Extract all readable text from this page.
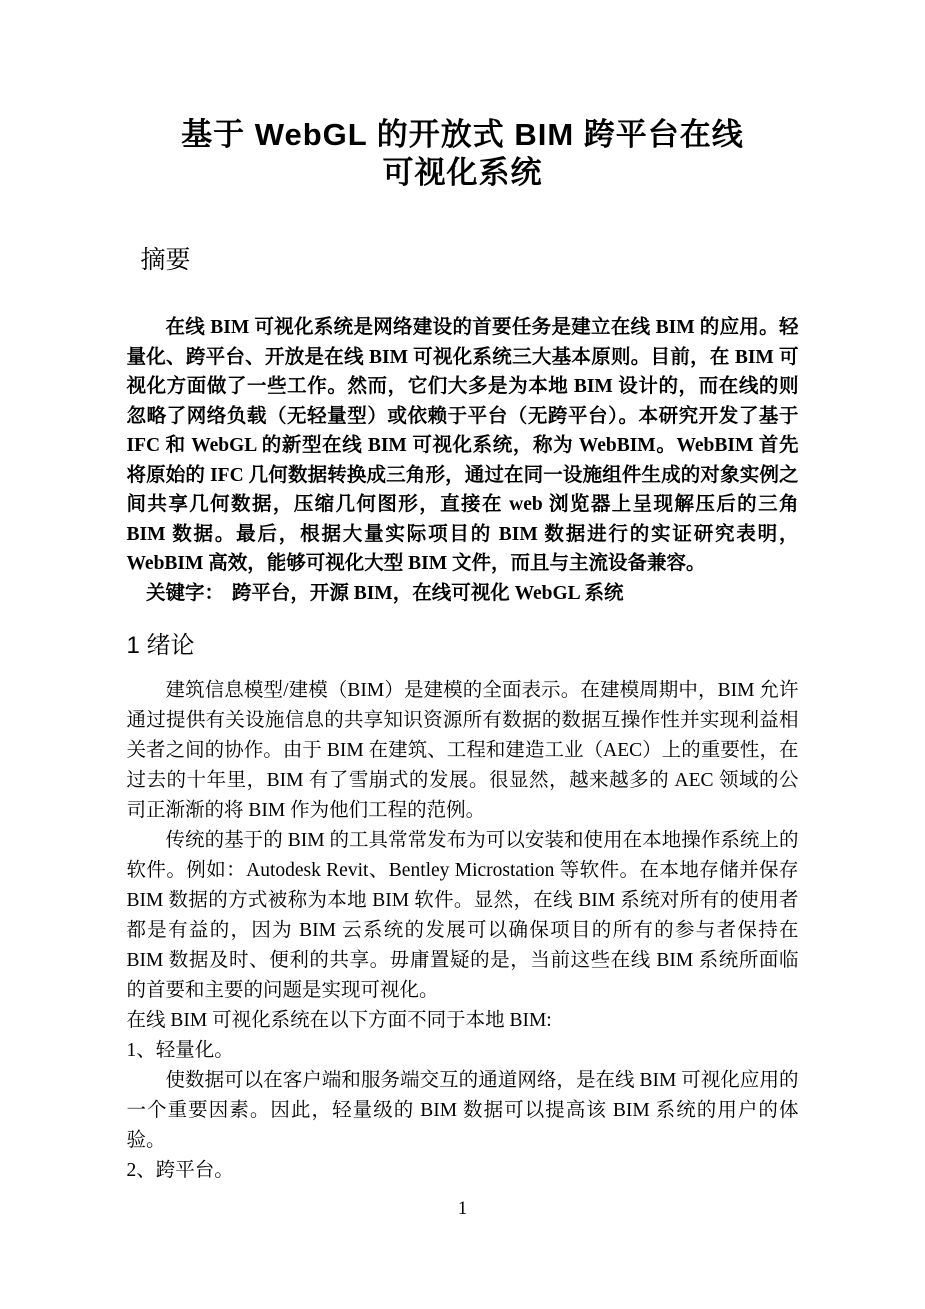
基于 WebGL 的开放式 BIM 跨平台在线
可视化系统
摘要

在线 BIM 可视化系统是网络建设的首要任务是建立在线 BIM 的应用。轻量化、跨平台、开放是在线 BIM 可视化系统三大基本原则。目前，在 BIM 可视化方面做了一些工作。然而，它们大多是为本地 BIM 设计的，而在线的则忽略了网络负载（无轻量型）或依赖于平台（无跨平台）。本研究开发了基于 IFC 和 WebGL 的新型在线 BIM 可视化系统，称为 WebBIM。WebBIM 首先将原始的 IFC 几何数据转换成三角形，通过在同一设施组件生成的对象实例之间共享几何数据，压缩几何图形，直接在 web 浏览器上呈现解压后的三角 BIM 数据。最后，根据大量实际项目的 BIM 数据进行的实证研究表明，WebBIM 高效，能够可视化大型 BIM 文件，而且与主流设备兼容。

关键字： 跨平台，开源 BIM，在线可视化 WebGL 系统

1 绪论

建筑信息模型/建模（BIM）是建模的全面表示。在建模周期中，BIM 允许通过提供有关设施信息的共享知识资源所有数据的数据互操作性并实现利益相关者之间的协作。由于 BIM 在建筑、工程和建造工业（AEC）上的重要性，在过去的十年里，BIM 有了雪崩式的发展。很显然，越来越多的 AEC 领域的公司正渐渐的将 BIM 作为他们工程的范例。

传统的基于的 BIM 的工具常常发布为可以安装和使用在本地操作系统上的软件。例如：Autodesk Revit、Bentley Microstation 等软件。在本地存储并保存 BIM 数据的方式被称为本地 BIM 软件。显然，在线 BIM 系统对所有的使用者都是有益的，因为 BIM 云系统的发展可以确保项目的所有的参与者保持在 BIM 数据及时、便利的共享。毋庸置疑的是，当前这些在线 BIM 系统所面临的首要和主要的问题是实现可视化。

在线 BIM 可视化系统在以下方面不同于本地 BIM:

1、轻量化。

使数据可以在客户端和服务端交互的通道网络，是在线 BIM 可视化应用的一个重要因素。因此，轻量级的 BIM 数据可以提高该 BIM 系统的用户的体验。

2、跨平台。

1
